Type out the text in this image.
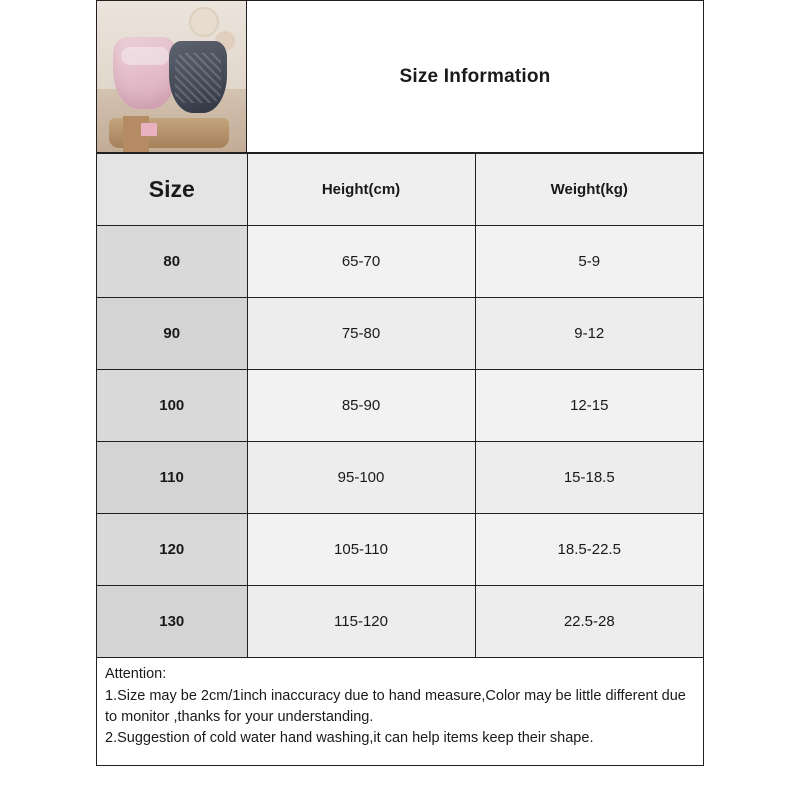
Size Information
Size	Height(cm)	Weight(kg)
80	65-70	5-9
90	75-80	9-12
100	85-90	12-15
110	95-100	15-18.5
120	105-110	18.5-22.5
130	115-120	22.5-28
Attention:
1.Size may be 2cm/1inch inaccuracy due to hand measure,Color may be little different due to monitor ,thanks for your understanding.
2.Suggestion of cold water hand washing,it can help items keep their shape.
